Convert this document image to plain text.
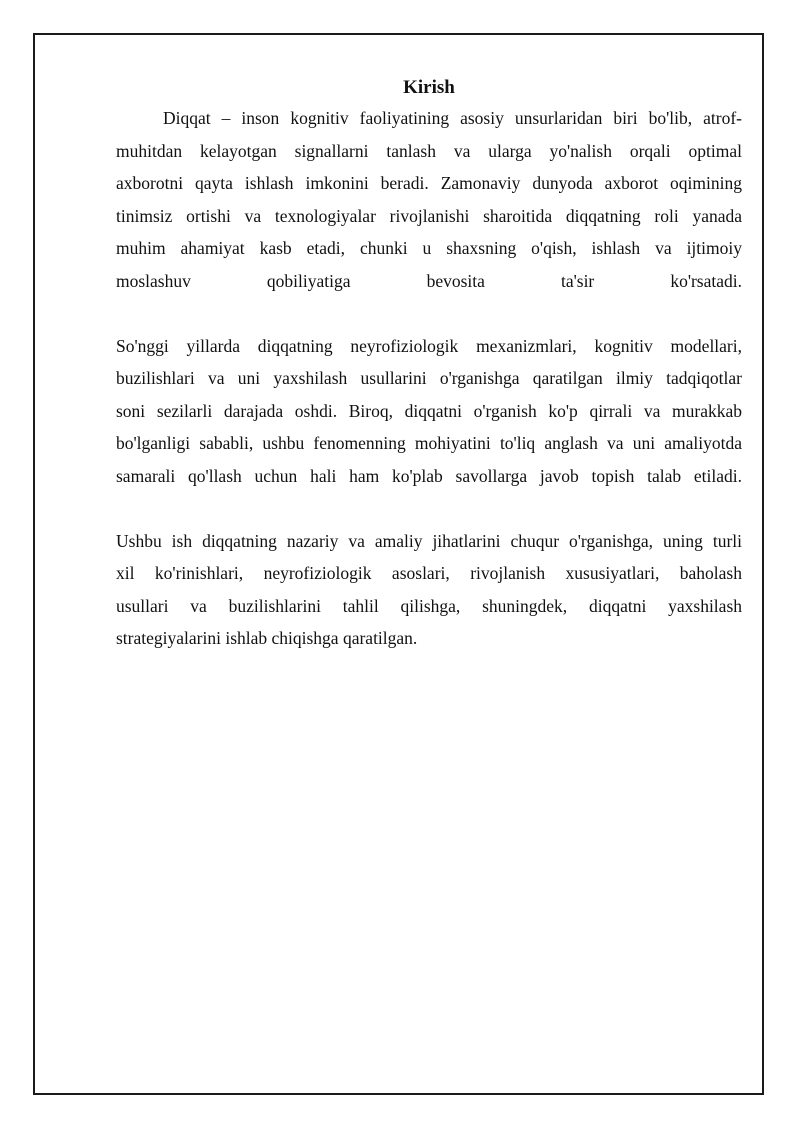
Kirish

Diqqat – inson kognitiv faoliyatining asosiy unsurlaridan biri bo'lib, atrof-

muhitdan kelayotgan signallarni tanlash va ularga yo'nalish orqali optimal

axborotni qayta ishlash imkonini beradi. Zamonaviy dunyoda axborot oqimining

tinimsiz ortishi va texnologiyalar rivojlanishi sharoitida diqqatning roli yanada

muhim ahamiyat kasb etadi, chunki u shaxsning o'qish, ishlash va ijtimoiy

moslashuv qobiliyatiga bevosita ta'sir ko'rsatadi.

So'nggi yillarda diqqatning neyrofiziologik mexanizmlari, kognitiv modellari,

buzilishlari va uni yaxshilash usullarini o'rganishga qaratilgan ilmiy tadqiqotlar

soni sezilarli darajada oshdi. Biroq, diqqatni o'rganish ko'p qirrali va murakkab

bo'lganligi sababli, ushbu fenomenning mohiyatini to'liq anglash va uni amaliyotda

samarali qo'llash uchun hali ham ko'plab savollarga javob topish talab etiladi.

Ushbu ish diqqatning nazariy va amaliy jihatlarini chuqur o'rganishga, uning turli

xil ko'rinishlari, neyrofiziologik asoslari, rivojlanish xususiyatlari, baholash

usullari va buzilishlarini tahlil qilishga, shuningdek, diqqatni yaxshilash

strategiyalarini ishlab chiqishga qaratilgan.
